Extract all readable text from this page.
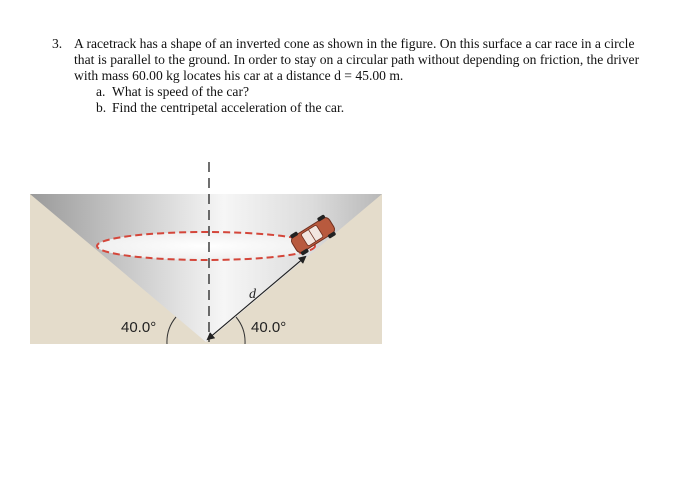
3. A racetrack has a shape of an inverted cone as shown in the figure. On this surface a car race in a circle

that is parallel to the ground. In order to stay on a circular path without depending on friction, the driver

with mass 60.00 kg locates his car at a distance d = 45.00 m.

a. What is speed of the car?
b. Find the centripetal acceleration of the car.
40.0°	40.0°
d
